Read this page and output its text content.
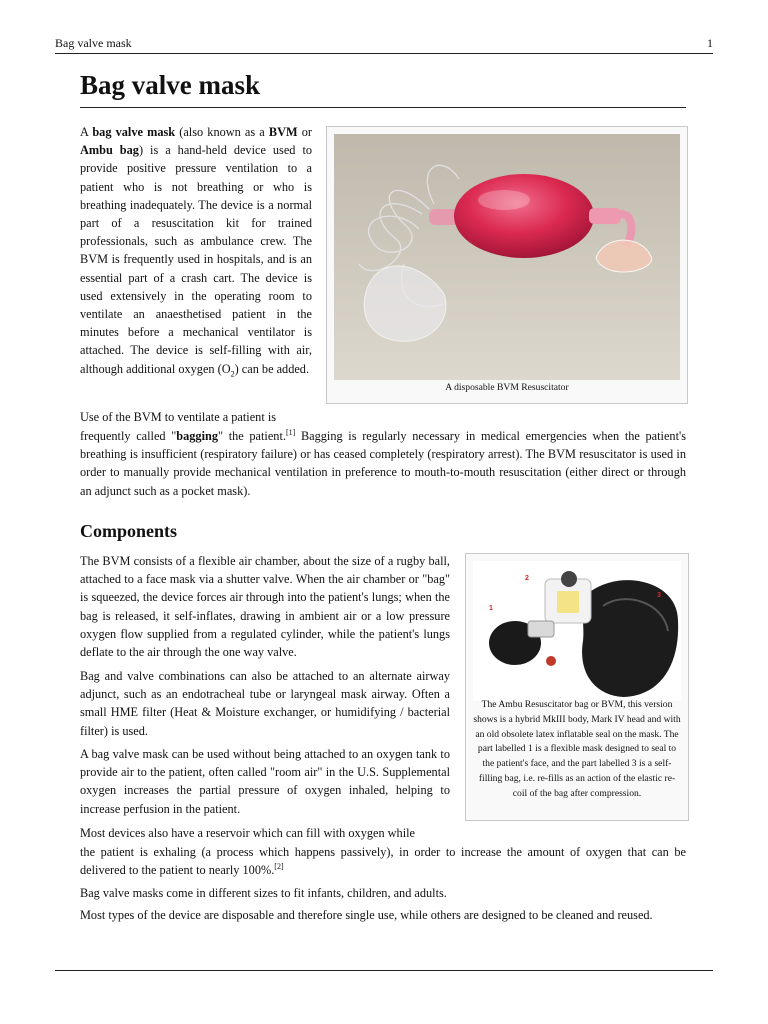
Bag valve mask	1
Bag valve mask

A bag valve mask (also known as a BVM or Ambu bag) is a hand-held device used to provide positive pressure ventilation to a patient who is not breathing or who is breathing inadequately. The device is a normal part of a resuscitation kit for trained professionals, such as ambulance crew. The BVM is frequently used in hospitals, and is an essential part of a crash cart. The device is used extensively in the operating room to ventilate an anaesthetised patient in the minutes before a mechanical ventilator is attached. The device is self-filling with air, although additional oxygen $(O_2)$ can be added.

A disposable BVM Resuscitator

Use of the BVM to ventilate a patient is

frequently called "bagging" the patient.[1] Bagging is regularly necessary in medical emergencies when the patient's breathing is insufficient (respiratory failure) or has ceased completely (respiratory arrest). The BVM resuscitator is used in order to manually provide mechanical ventilation in preference to mouth-to-mouth resuscitation (either direct or through an adjunct such as a pocket mask).

Components

The BVM consists of a flexible air chamber, about the size of a rugby ball, attached to a face mask via a shutter valve. When the air chamber or "bag" is squeezed, the device forces air through into the patient's lungs; when the bag is released, it self-inflates, drawing in ambient air or a low pressure oxygen flow supplied from a regulated cylinder, while the patient's lungs deflate to the air through the one way valve.

Bag and valve combinations can also be attached to an alternate airway adjunct, such as an endotracheal tube or laryngeal mask airway. Often a small HME filter (Heat & Moisture exchanger, or humidifying / bacterial filter) is used.

A bag valve mask can be used without being attached to an oxygen tank to provide air to the patient, often called "room air" in the U.S. Supplemental oxygen increases the partial pressure of oxygen inhaled, helping to increase perfusion in the patient.

Most devices also have a reservoir which can fill with oxygen while

the patient is exhaling (a process which happens passively), in order to increase the amount of oxygen that can be delivered to the patient to nearly 100%.[2]

Bag valve masks come in different sizes to fit infants, children, and adults.

Most types of the device are disposable and therefore single use, while others are designed to be cleaned and reused.

1
2
3

The Ambu Resuscitator bag or BVM, this version shows is a hybrid MkIII body, Mark IV head and with an old obsolete latex inflatable seal on the mask. The part labelled 1 is a flexible mask designed to seal to the patient's face, and the part labelled 3 is a self-filling bag, i.e. re-fills as an action of the elastic re-coil of the bag after compression.
